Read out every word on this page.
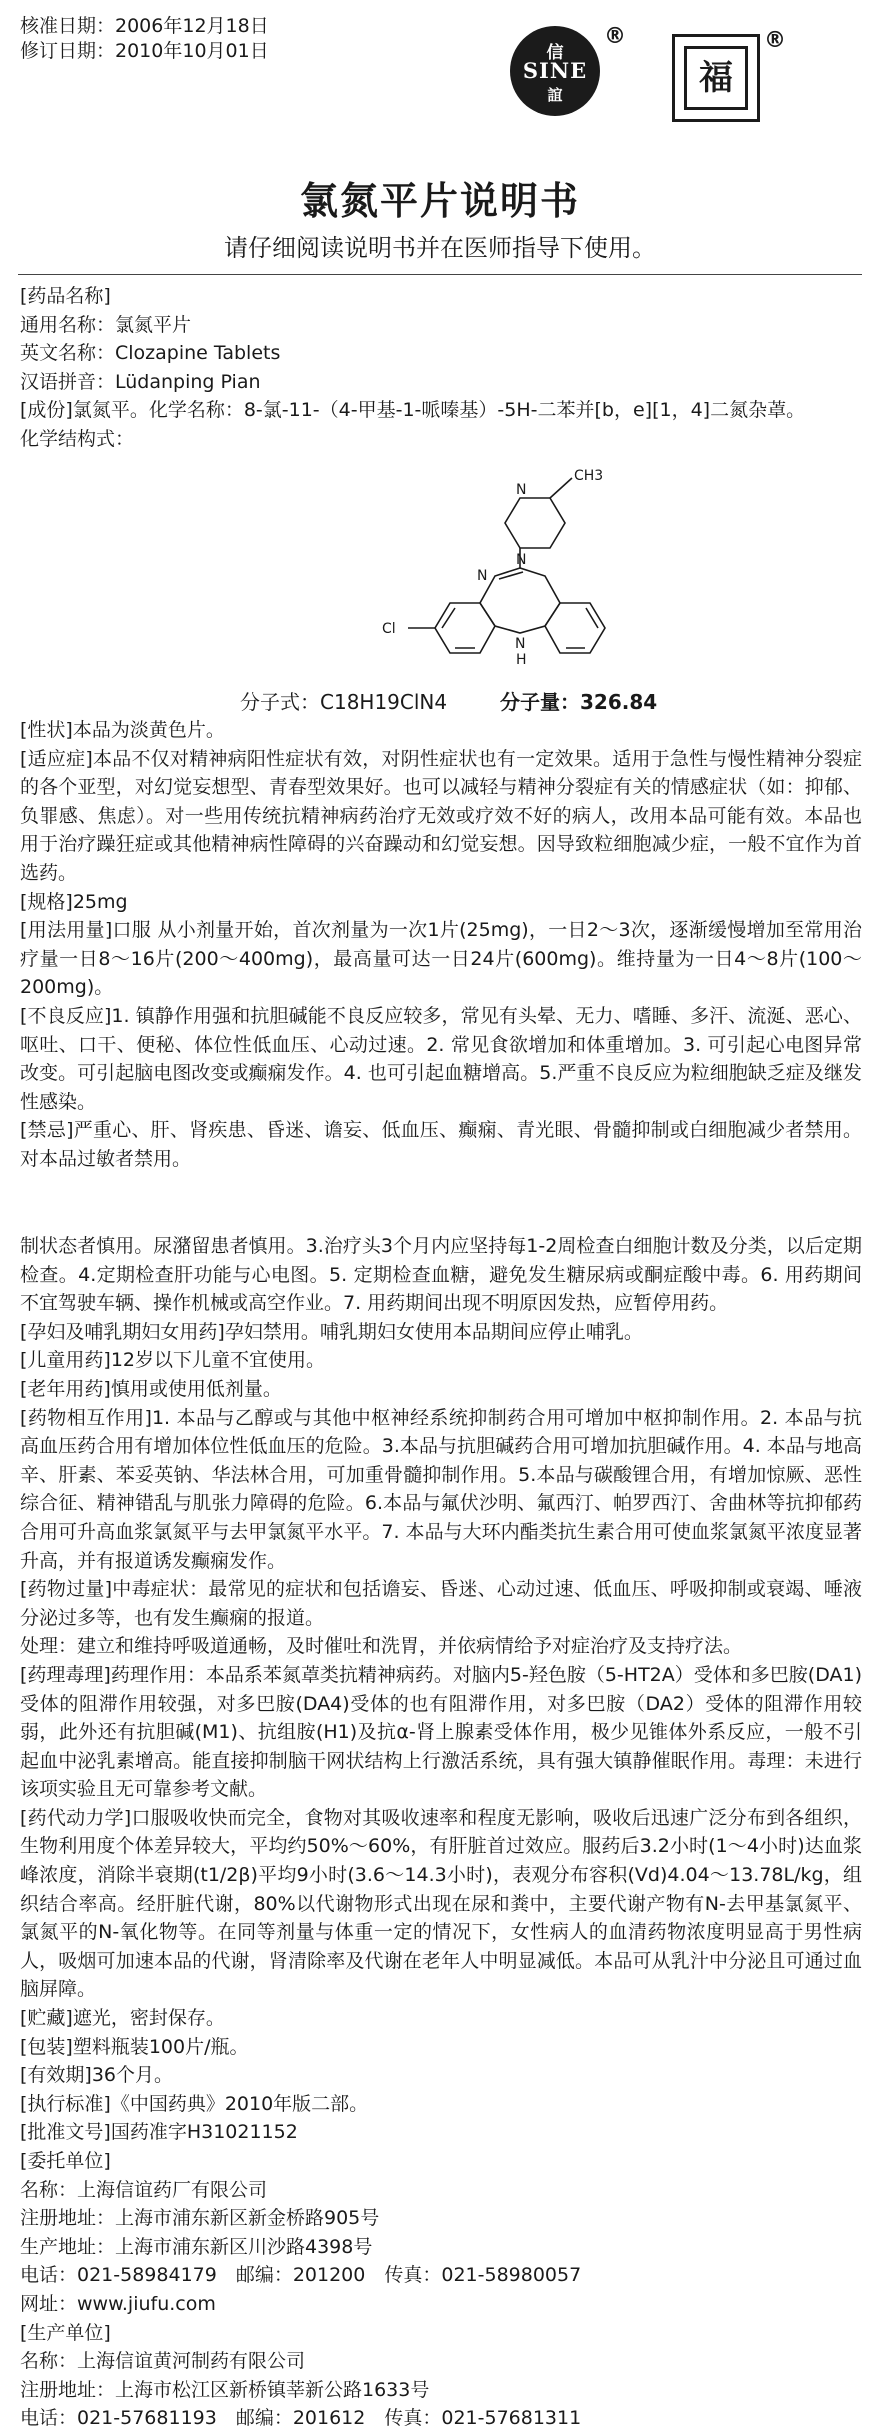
核准日期：2006年12月18日
修订日期：2010年10月01日	信
SINE
誼
®
福
®
氯氮平片说明书
请仔细阅读说明书并在医师指导下使用。

[药品名称]

通用名称：氯氮平片

英文名称：Clozapine Tablets

汉语拼音：Lüdanping Pian

[成份]氯氮平。化学名称：8-氯-11-（4-甲基-1-哌嗪基）-5H-二苯并[b，e][1，4]二氮杂䓬。

化学结构式：

N
CH3
N
N
Cl
N
H
分子式：C18H19ClN4	分子量：326.84

[性状]本品为淡黄色片。

[适应症]本品不仅对精神病阳性症状有效，对阴性症状也有一定效果。适用于急性与慢性精神分裂症的各个亚型，对幻觉妄想型、青春型效果好。也可以减轻与精神分裂症有关的情感症状（如：抑郁、负罪感、焦虑）。对一些用传统抗精神病药治疗无效或疗效不好的病人，改用本品可能有效。本品也用于治疗躁狂症或其他精神病性障碍的兴奋躁动和幻觉妄想。因导致粒细胞减少症，一般不宜作为首选药。

[规格]25mg

[用法用量]口服 从小剂量开始，首次剂量为一次1片(25mg)，一日2～3次，逐渐缓慢增加至常用治疗量一日8～16片(200～400mg)，最高量可达一日24片(600mg)。维持量为一日4～8片(100～200mg)。

[不良反应]1. 镇静作用强和抗胆碱能不良反应较多，常见有头晕、无力、嗜睡、多汗、流涎、恶心、呕吐、口干、便秘、体位性低血压、心动过速。2. 常见食欲增加和体重增加。3. 可引起心电图异常改变。可引起脑电图改变或癫痫发作。4. 也可引起血糖增高。5.严重不良反应为粒细胞缺乏症及继发性感染。

[禁忌]严重心、肝、肾疾患、昏迷、谵妄、低血压、癫痫、青光眼、骨髓抑制或白细胞减少者禁用。对本品过敏者禁用。

制状态者慎用。尿潴留患者慎用。3.治疗头3个月内应坚持每1-2周检查白细胞计数及分类，以后定期检查。4.定期检查肝功能与心电图。5. 定期检查血糖，避免发生糖尿病或酮症酸中毒。6. 用药期间不宜驾驶车辆、操作机械或高空作业。7. 用药期间出现不明原因发热，应暂停用药。

[孕妇及哺乳期妇女用药]孕妇禁用。哺乳期妇女使用本品期间应停止哺乳。

[儿童用药]12岁以下儿童不宜使用。

[老年用药]慎用或使用低剂量。

[药物相互作用]1. 本品与乙醇或与其他中枢神经系统抑制药合用可增加中枢抑制作用。2. 本品与抗高血压药合用有增加体位性低血压的危险。3.本品与抗胆碱药合用可增加抗胆碱作用。4. 本品与地高辛、肝素、苯妥英钠、华法林合用，可加重骨髓抑制作用。5.本品与碳酸锂合用，有增加惊厥、恶性综合征、精神错乱与肌张力障碍的危险。6.本品与氟伏沙明、氟西汀、帕罗西汀、舍曲林等抗抑郁药合用可升高血浆氯氮平与去甲氯氮平水平。7. 本品与大环内酯类抗生素合用可使血浆氯氮平浓度显著升高，并有报道诱发癫痫发作。

[药物过量]中毒症状：最常见的症状和包括谵妄、昏迷、心动过速、低血压、呼吸抑制或衰竭、唾液分泌过多等，也有发生癫痫的报道。

处理：建立和维持呼吸道通畅，及时催吐和洗胃，并依病情给予对症治疗及支持疗法。

[药理毒理]药理作用：本品系苯氮䓬类抗精神病药。对脑内5-羟色胺（5-HT2A）受体和多巴胺(DA1)受体的阻滞作用较强，对多巴胺(DA4)受体的也有阻滞作用，对多巴胺（DA2）受体的阻滞作用较弱，此外还有抗胆碱(M1)、抗组胺(H1)及抗α-肾上腺素受体作用，极少见锥体外系反应，一般不引起血中泌乳素增高。能直接抑制脑干网状结构上行激活系统，具有强大镇静催眠作用。毒理：未进行该项实验且无可靠参考文献。

[药代动力学]口服吸收快而完全，食物对其吸收速率和程度无影响，吸收后迅速广泛分布到各组织，生物利用度个体差异较大，平均约50%～60%，有肝脏首过效应。服药后3.2小时(1～4小时)达血浆峰浓度，消除半衰期(t1/2β)平均9小时(3.6～14.3小时)，表观分布容积(Vd)4.04～13.78L/kg，组织结合率高。经肝脏代谢，80%以代谢物形式出现在尿和粪中，主要代谢产物有N-去甲基氯氮平、氯氮平的N-氧化物等。在同等剂量与体重一定的情况下，女性病人的血清药物浓度明显高于男性病人，吸烟可加速本品的代谢，肾清除率及代谢在老年人中明显减低。本品可从乳汁中分泌且可通过血脑屏障。

[贮藏]遮光，密封保存。

[包装]塑料瓶装100片/瓶。

[有效期]36个月。

[执行标准]《中国药典》2010年版二部。

[批准文号]国药准字H31021152

[委托单位]

名称：上海信谊药厂有限公司

注册地址：上海市浦东新区新金桥路905号

生产地址：上海市浦东新区川沙路4398号

电话：021-58984179　邮编：201200　传真：021-58980057

网址：www.jiufu.com

[生产单位]

名称：上海信谊黄河制药有限公司

注册地址：上海市松江区新桥镇莘新公路1633号

电话：021-57681193　邮编：201612　传真：021-57681311
